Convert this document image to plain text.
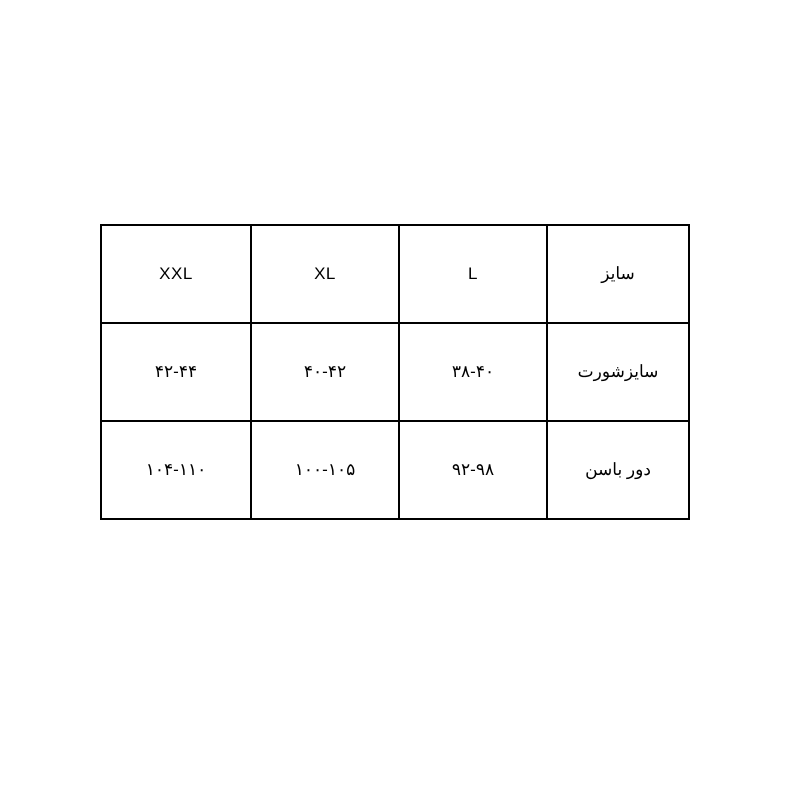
سایز	L	XL	XXL
سایزشورت	۳۸-۴۰	۴۰-۴۲	۴۲-۴۴
دور باسن	۹۲-۹۸	۱۰۰-۱۰۵	۱۰۴-۱۱۰
